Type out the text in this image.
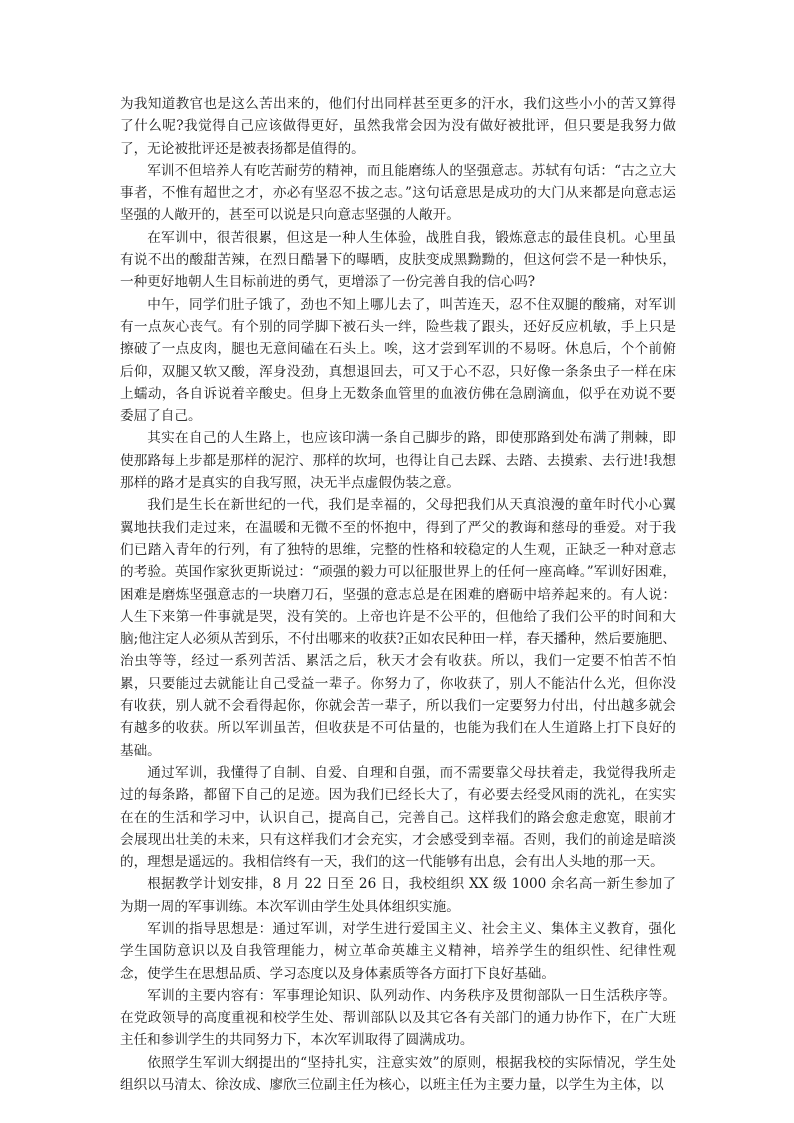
为我知道教官也是这么苦出来的，他们付出同样甚至更多的汗水，我们这些小小的苦又算得了什么呢?我觉得自己应该做得更好，虽然我常会因为没有做好被批评，但只要是我努力做了，无论被批评还是被表扬都是值得的。

军训不但培养人有吃苦耐劳的精神，而且能磨练人的坚强意志。苏轼有句话：“古之立大事者，不惟有超世之才，亦必有坚忍不拔之志。”这句话意思是成功的大门从来都是向意志运坚强的人敞开的，甚至可以说是只向意志坚强的人敞开。

在军训中，很苦很累，但这是一种人生体验，战胜自我，锻炼意志的最佳良机。心里虽有说不出的酸甜苦辣，在烈日酷暑下的曝晒，皮肤变成黑黝黝的，但这何尝不是一种快乐，一种更好地朝人生目标前进的勇气，更增添了一份完善自我的信心吗?

中午，同学们肚子饿了，劲也不知上哪儿去了，叫苦连天，忍不住双腿的酸痛，对军训有一点灰心丧气。有个别的同学脚下被石头一绊，险些栽了跟头，还好反应机敏，手上只是擦破了一点皮肉，腿也无意间磕在石头上。唉，这才尝到军训的不易呀。休息后，个个前俯后仰，双腿又软又酸，浑身没劲，真想退回去，可又于心不忍，只好像一条条虫子一样在床上蠕动，各自诉说着辛酸史。但身上无数条血管里的血液仿佛在急剧滴血，似乎在劝说不要委屈了自己。

其实在自己的人生路上，也应该印满一条自己脚步的路，即使那路到处布满了荆棘，即使那路每上步都是那样的泥泞、那样的坎坷，也得让自己去踩、去踏、去摸索、去行进!我想那样的路才是真实的自我写照，决无半点虚假伪装之意。

我们是生长在新世纪的一代，我们是幸福的，父母把我们从天真浪漫的童年时代小心翼翼地扶我们走过来，在温暖和无微不至的怀抱中，得到了严父的教诲和慈母的垂爱。对于我们已踏入青年的行列，有了独特的思维，完整的性格和较稳定的人生观，正缺乏一种对意志的考验。英国作家狄更斯说过：“顽强的毅力可以征服世界上的任何一座高峰。”军训好困难，困难是磨炼坚强意志的一块磨刀石，坚强的意志总是在困难的磨砺中培养起来的。有人说：人生下来第一件事就是哭，没有笑的。上帝也许是不公平的，但他给了我们公平的时间和大脑;他注定人必须从苦到乐，不付出哪来的收获?正如农民种田一样，春天播种，然后要施肥、治虫等等，经过一系列苦活、累活之后，秋天才会有收获。所以，我们一定要不怕苦不怕累，只要能过去就能让自己受益一辈子。你努力了，你收获了，别人不能沾什么光，但你没有收获，别人就不会看得起你，你就会苦一辈子，所以我们一定要努力付出，付出越多就会有越多的收获。所以军训虽苦，但收获是不可估量的，也能为我们在人生道路上打下良好的基础。

通过军训，我懂得了自制、自爱、自理和自强，而不需要靠父母扶着走，我觉得我所走过的每条路，都留下自己的足迹。因为我们已经长大了，有必要去经受风雨的洗礼，在实实在在的生活和学习中，认识自己，提高自己，完善自己。这样我们的路会愈走愈宽，眼前才会展现出壮美的未来，只有这样我们才会充实，才会感受到幸福。否则，我们的前途是暗淡的，理想是遥远的。我相信终有一天，我们的这一代能够有出息，会有出人头地的那一天。

根据教学计划安排，8 月 22 日至 26 日，我校组织 XX 级 1000 余名高一新生参加了为期一周的军事训练。本次军训由学生处具体组织实施。

军训的指导思想是：通过军训，对学生进行爱国主义、社会主义、集体主义教育，强化学生国防意识以及自我管理能力，树立革命英雄主义精神，培养学生的组织性、纪律性观念，使学生在思想品质、学习态度以及身体素质等各方面打下良好基础。

军训的主要内容有：军事理论知识、队列动作、内务秩序及贯彻部队一日生活秩序等。在党政领导的高度重视和校学生处、帮训部队以及其它各有关部门的通力协作下，在广大班主任和参训学生的共同努力下，本次军训取得了圆满成功。

依照学生军训大纲提出的“坚持扎实，注意实效”的原则，根据我校的实际情况，学生处组织以马清太、徐汝成、廖欣三位副主任为核心，以班主任为主要力量，以学生为主体，以
